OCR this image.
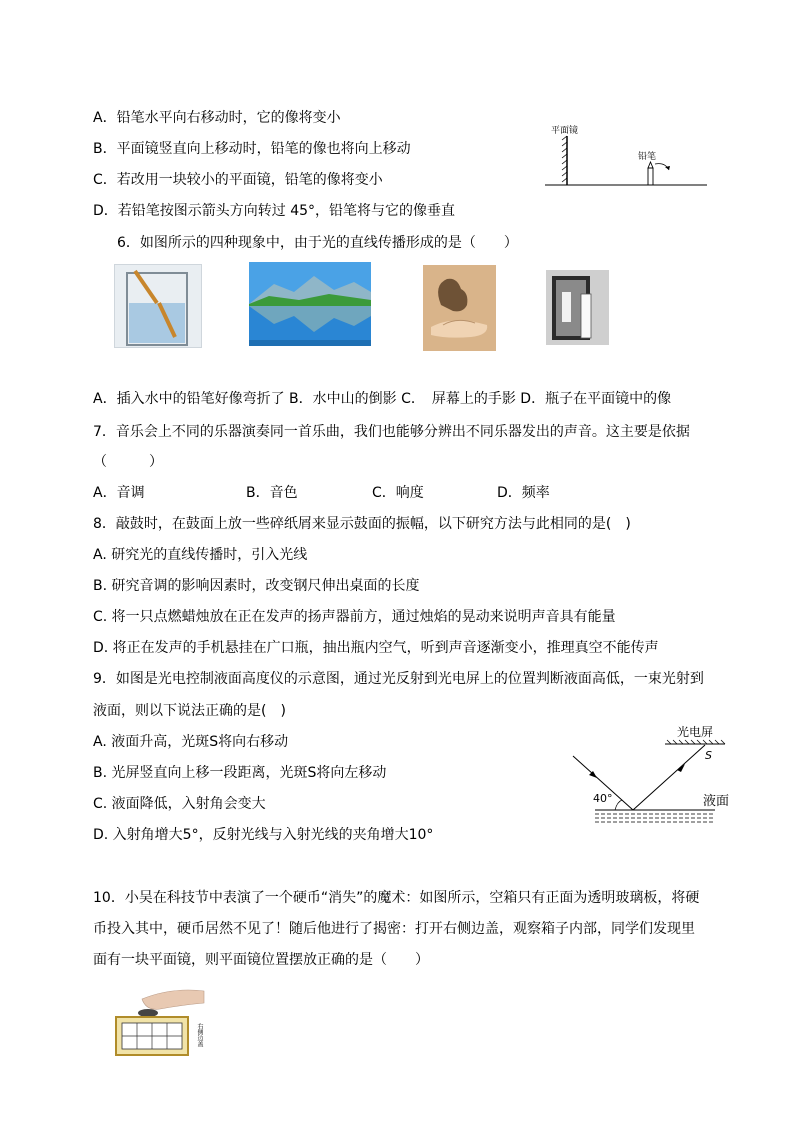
A．铅笔水平向右移动时，它的像将变小
B．平面镜竖直向上移动时，铅笔的像也将向上移动
C．若改用一块较小的平面镜，铅笔的像将变小
D．若铅笔按图示箭头方向转过 45°，铅笔将与它的像垂直
平面镜
铅笔
6．如图所示的四种现象中，由于光的直线传播形成的是（　　）
A．插入水中的铅笔好像弯折了 B．水中山的倒影 C．　屏幕上的手影 D．瓶子在平面镜中的像
7．音乐会上不同的乐器演奏同一首乐曲，我们也能够分辨出不同乐器发出的声音。这主要是依据
（　　　）
A．音调	B．音色	C．响度	D．频率
8．敲鼓时，在鼓面上放一些碎纸屑来显示鼓面的振幅，以下研究方法与此相同的是(　)
A. 研究光的直线传播时，引入光线
B. 研究音调的影响因素时，改变钢尺伸出桌面的长度
C. 将一只点燃蜡烛放在正在发声的扬声器前方，通过烛焰的晃动来说明声音具有能量
D. 将正在发声的手机悬挂在广口瓶，抽出瓶内空气，听到声音逐渐变小，推理真空不能传声
9．如图是光电控制液面高度仪的示意图，通过光反射到光电屏上的位置判断液面高低，一束光射到
液面，则以下说法正确的是(　)
A. 液面升高，光斑S将向右移动
B. 光屏竖直向上移一段距离，光斑S将向左移动
C. 液面降低，入射角会变大
D. 入射角增大5°，反射光线与入射光线的夹角增大10°
光电屏
S
40°	液面
10．小吴在科技节中表演了一个硬币“消失”的魔术：如图所示，空箱只有正面为透明玻璃板，将硬
币投入其中，硬币居然不见了！随后他进行了揭密：打开右侧边盖，观察箱子内部，同学们发现里
面有一块平面镜，则平面镜位置摆放正确的是（　　）
右侧边盖
